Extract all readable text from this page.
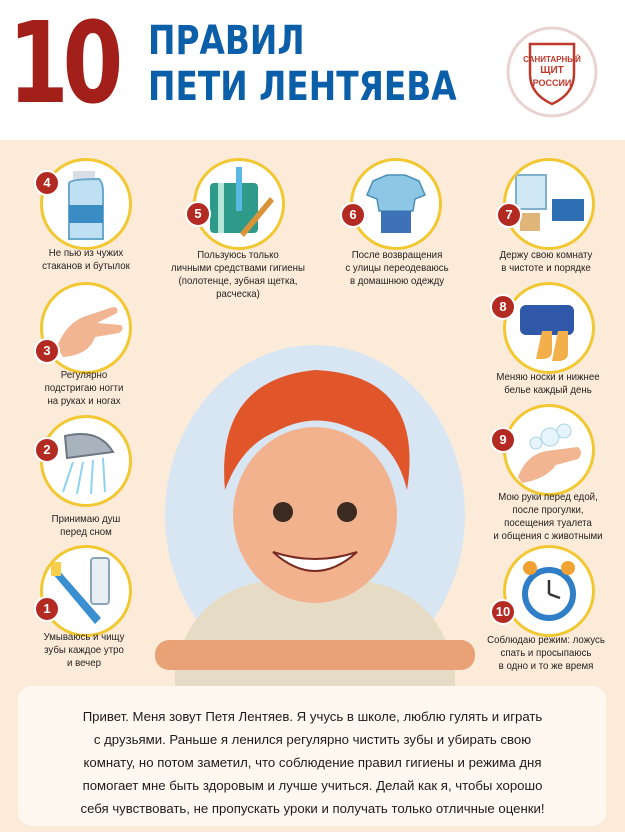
10 ПРАВИЛ
ПЕТИ ЛЕНТЯЕВА
САНИТАРНЫЙ
ЩИТ
РОССИИ
4
Не пью из чужих
стаканов и бутылок
5
Пользуюсь только
личными средствами гигиены
(полотенце, зубная щетка,
расческа)
6
После возвращения
с улицы переодеваюсь
в домашнюю одежду
7
Держу свою комнату
в чистоте и порядке
3
Регулярно
подстригаю ногти
на руках и ногах
8
Меняю носки и нижнее
белье каждый день
2
Принимаю душ
перед сном
9
Мою руки перед едой,
после прогулки,
посещения туалета
и общения с животными
1
Умываюсь и чищу
зубы каждое утро
и вечер
10
Соблюдаю режим: ложусь
спать и просыпаюсь
в одно и то же время
Привет. Меня зовут Петя Лентяев. Я учусь в школе, люблю гулять и играть
с друзьями. Раньше я ленился регулярно чистить зубы и убирать свою
комнату, но потом заметил, что соблюдение правил гигиены и режима дня
помогает мне быть здоровым и лучше учиться. Делай как я, чтобы хорошо
себя чувствовать, не пропускать уроки и получать только отличные оценки!
